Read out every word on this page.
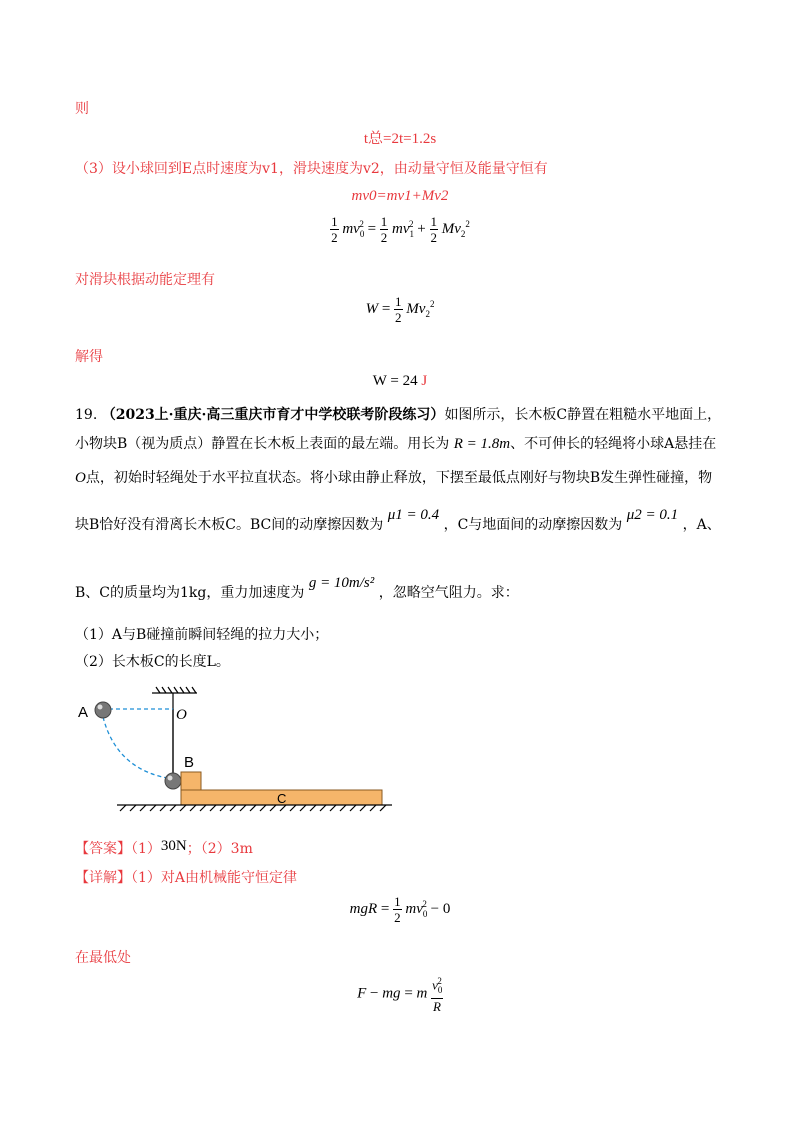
则
t总=2t=1.2s
（3）设小球回到E点时速度为v1，滑块速度为v2，由动量守恒及能量守恒有
mv0=mv1+Mv2
$\frac{1}{2} mv_0^2 = \frac{1}{2} mv_1^2 + \frac{1}{2} Mv_2^2$
对滑块根据动能定理有
$W = \frac{1}{2} Mv_2^2$
解得
W = 24 J
19. （2023上·重庆·高三重庆市育才中学校联考阶段练习）如图所示，长木板C静置在粗糙水平地面上，
小物块B（视为质点）静置在长木板上表面的最左端。用长为 R = 1.8m、不可伸长的轻绳将小球A悬挂在
O点，初始时轻绳处于水平拉直状态。将小球由静止释放，下摆至最低点刚好与物块B发生弹性碰撞，物
块B恰好没有滑离长木板C。BC间的动摩擦因数为 μ1 = 0.4 ，C与地面间的动摩擦因数为 μ2 = 0.1 ，A、
B、C的质量均为1kg，重力加速度为 g = 10m/s² ，忽略空气阻力。求：
（1）A与B碰撞前瞬间轻绳的拉力大小；
（2）长木板C的长度L。
A	O
B
C
【答案】（1）30N；（2）3m
【详解】（1）对A由机械能守恒定律
mgR = $\frac{1}{2} mv_0^2 - 0$
在最低处
F − mg = m $\frac{v_0^2}{R}$
